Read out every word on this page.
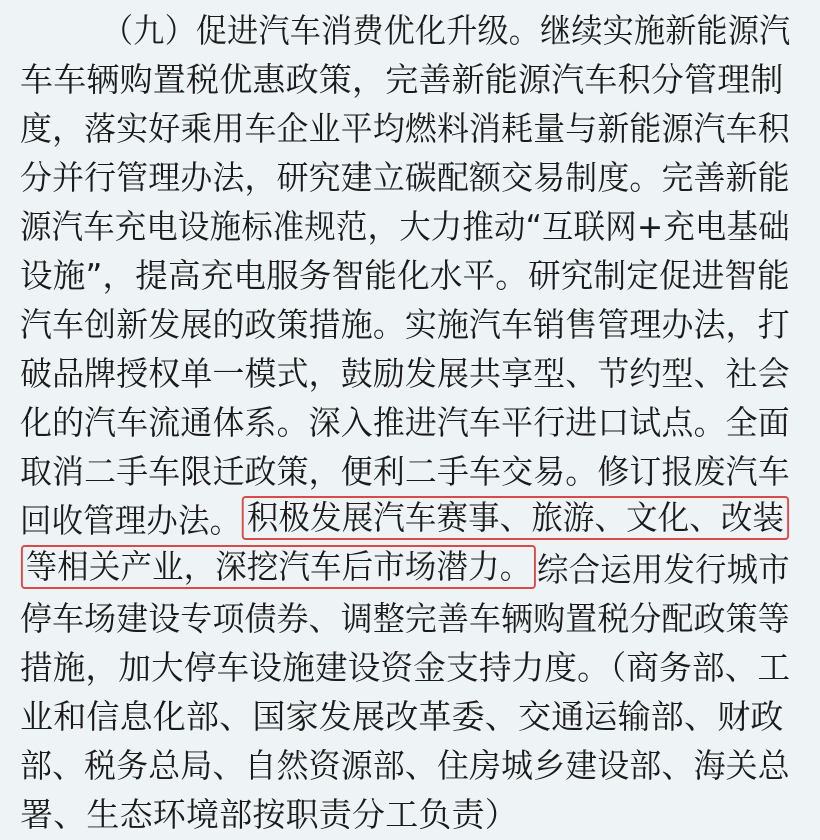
（九）促进汽车消费优化升级。继续实施新能源汽
车车辆购置税优惠政策，完善新能源汽车积分管理制
度，落实好乘用车企业平均燃料消耗量与新能源汽车积
分并行管理办法，研究建立碳配额交易制度。完善新能
源汽车充电设施标准规范，大力推动“互联网+充电基础
设施”，提高充电服务智能化水平。研究制定促进智能
汽车创新发展的政策措施。实施汽车销售管理办法，打
破品牌授权单一模式，鼓励发展共享型、节约型、社会
化的汽车流通体系。深入推进汽车平行进口试点。全面
取消二手车限迁政策，便利二手车交易。修订报废汽车
回收管理办法。 积极发展汽车赛事、旅游、文化、改装
等相关产业，深挖汽车后市场潜力。 综合运用发行城市
停车场建设专项债券、调整完善车辆购置税分配政策等
措施，加大停车设施建设资金支持力度。（商务部、工
业和信息化部、国家发展改革委、交通运输部、财政
部、税务总局、自然资源部、住房城乡建设部、海关总
署、生态环境部按职责分工负责）
